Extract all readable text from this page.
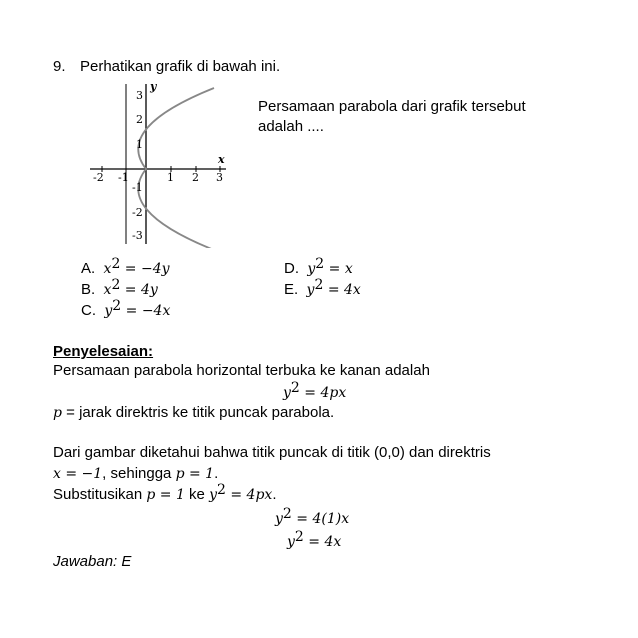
9. Perhatikan grafik di bawah ini.
-2 -1	1 2 3
x
3
2
1
-1
-2
-3
y
Persamaan parabola dari grafik tersebut
adalah ....
A. $x^2 = -4y$
B. $x^2 = 4y$
C. $y^2 = -4x$
D. $y^2 = x$
E. $y^2 = 4x$
Penyelesaian:
Persamaan parabola horizontal terbuka ke kanan adalah
$y^2 = 4px$
p = jarak direktris ke titik puncak parabola.
Dari gambar diketahui bahwa titik puncak di titik (0,0) dan direktris
x = −1, sehingga p = 1.
Substitusikan p = 1 ke $y^2 = 4px$.
$y^2 = 4(1)x$
$y^2 = 4x$
Jawaban: E
